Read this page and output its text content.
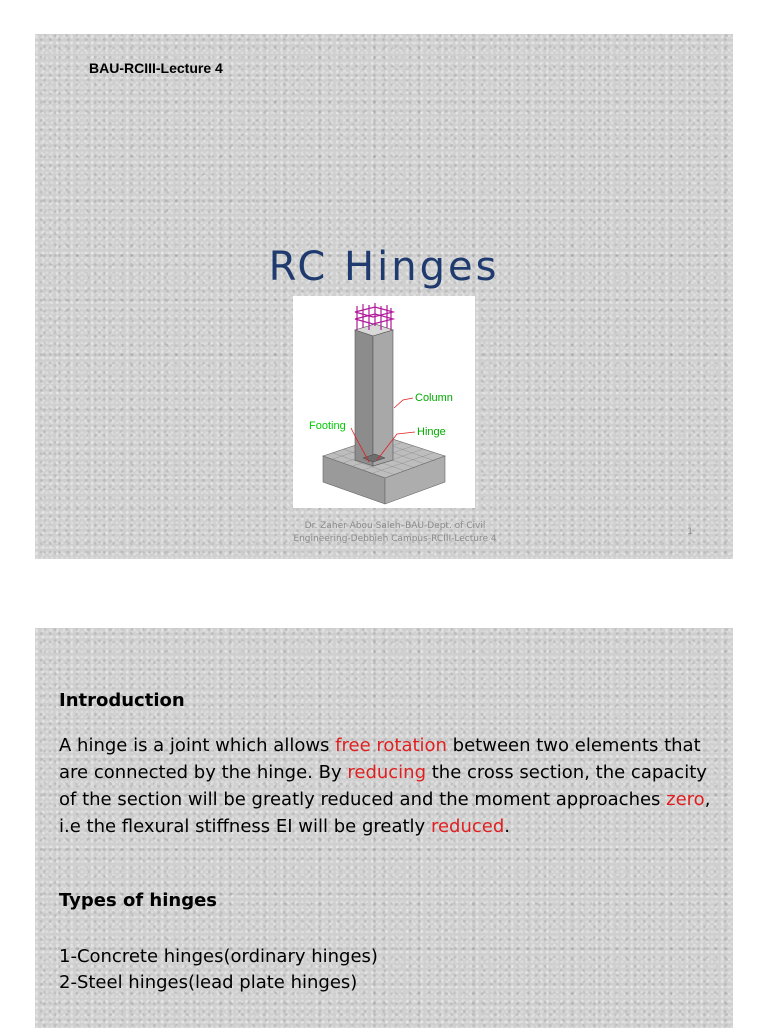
BAU-RCIII-Lecture 4
RC Hinges
Column
Footing	Hinge
Dr. Zaher Abou Saleh–BAU-Dept. of Civil
Engineering-Debbieh Campus-RCIII-Lecture 4
1
Introduction
A hinge is a joint which allows free rotation between two elements that are connected by the hinge. By reducing the cross section, the capacity of the section will be greatly reduced and the moment approaches zero, i.e the flexural stiffness EI will be greatly reduced.
Types of hinges
1-Concrete hinges(ordinary hinges)
2-Steel hinges(lead plate hinges)
